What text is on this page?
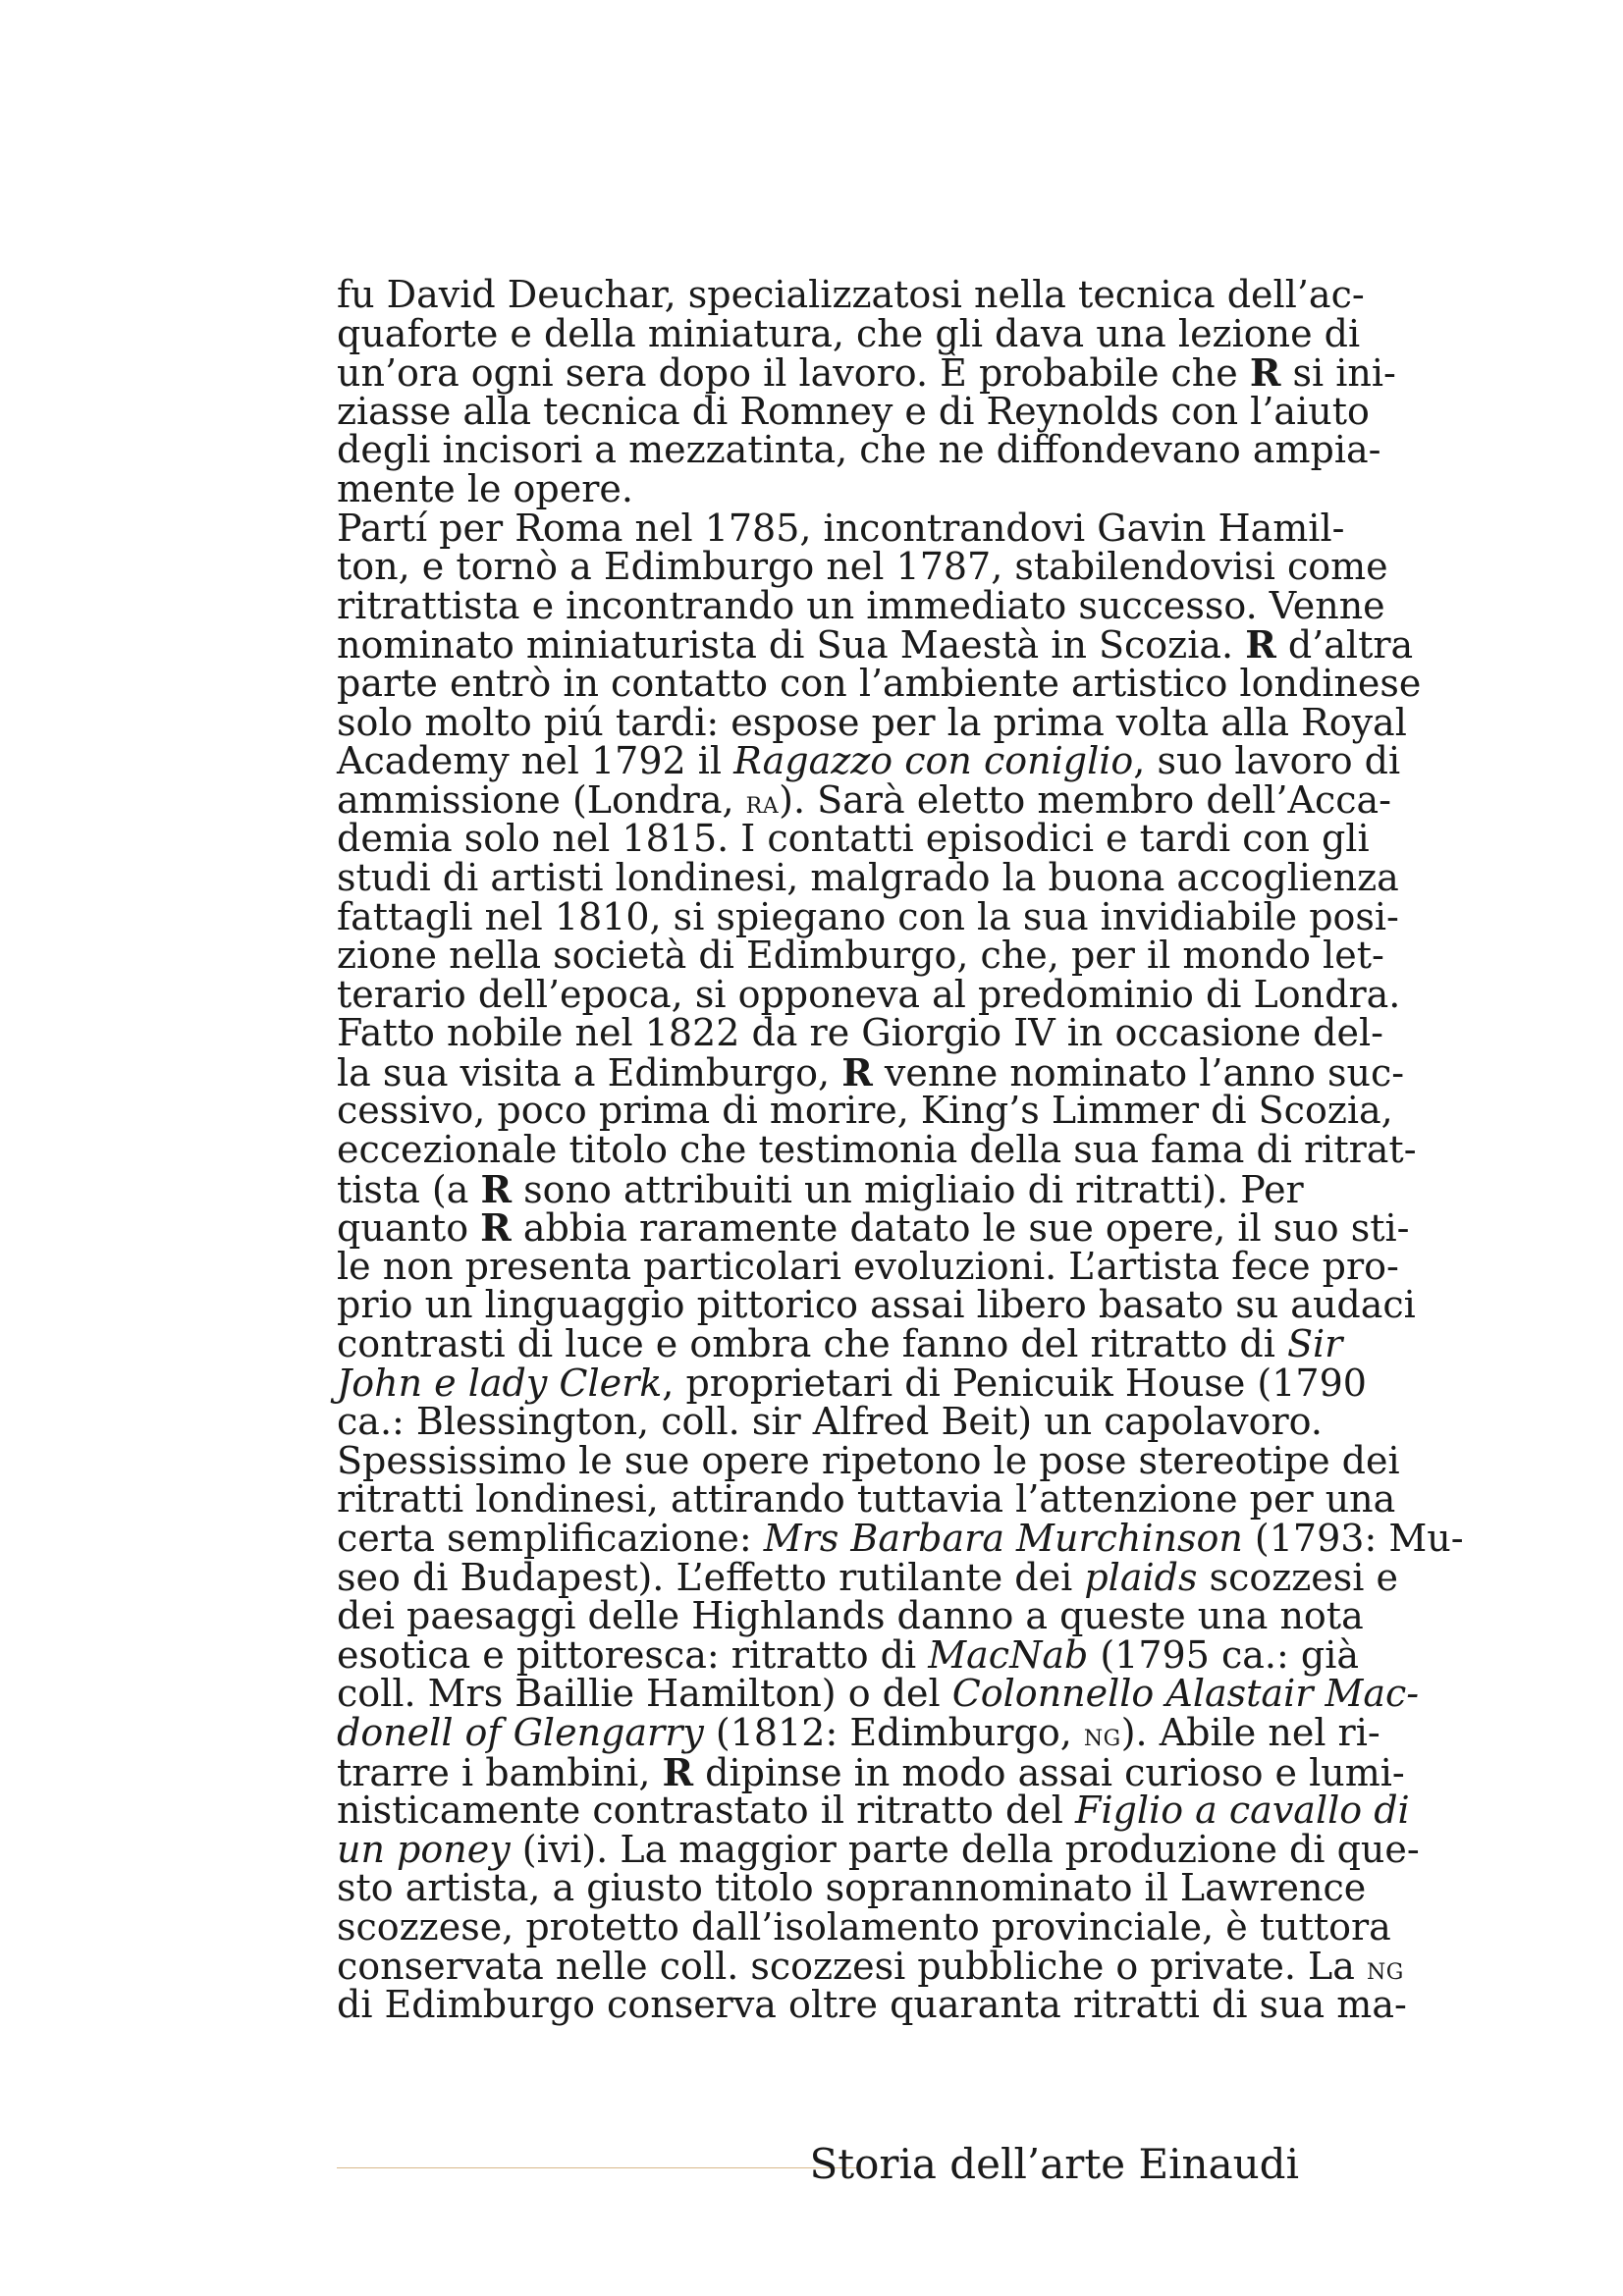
fu David Deuchar, specializzatosi nella tecnica dell’ac-
quaforte e della miniatura, che gli dava una lezione di
un’ora ogni sera dopo il lavoro. È probabile che R si ini-
ziasse alla tecnica di Romney e di Reynolds con l’aiuto
degli incisori a mezzatinta, che ne diffondevano ampia-
mente le opere.
Partí per Roma nel 1785, incontrandovi Gavin Hamil-
ton, e tornò a Edimburgo nel 1787, stabilendovisi come
ritrattista e incontrando un immediato successo. Venne
nominato miniaturista di Sua Maestà in Scozia. R d’altra
parte entrò in contatto con l’ambiente artistico londinese
solo molto piú tardi: espose per la prima volta alla Royal
Academy nel 1792 il Ragazzo con coniglio, suo lavoro di
ammissione (Londra, ra). Sarà eletto membro dell’Acca-
demia solo nel 1815. I contatti episodici e tardi con gli
studi di artisti londinesi, malgrado la buona accoglienza
fattagli nel 1810, si spiegano con la sua invidiabile posi-
zione nella società di Edimburgo, che, per il mondo let-
terario dell’epoca, si opponeva al predominio di Londra.
Fatto nobile nel 1822 da re Giorgio IV in occasione del-
la sua visita a Edimburgo, R venne nominato l’anno suc-
cessivo, poco prima di morire, King’s Limmer di Scozia,
eccezionale titolo che testimonia della sua fama di ritrat-
tista (a R sono attribuiti un migliaio di ritratti). Per
quanto R abbia raramente datato le sue opere, il suo sti-
le non presenta particolari evoluzioni. L’artista fece pro-
prio un linguaggio pittorico assai libero basato su audaci
contrasti di luce e ombra che fanno del ritratto di Sir
John e lady Clerk, proprietari di Penicuik House (1790
ca.: Blessington, coll. sir Alfred Beit) un capolavoro.
Spessissimo le sue opere ripetono le pose stereotipe dei
ritratti londinesi, attirando tuttavia l’attenzione per una
certa semplificazione: Mrs Barbara Murchinson (1793: Mu-
seo di Budapest). L’effetto rutilante dei plaids scozzesi e
dei paesaggi delle Highlands danno a queste una nota
esotica e pittoresca: ritratto di MacNab (1795 ca.: già
coll. Mrs Baillie Hamilton) o del Colonnello Alastair Mac-
donell of Glengarry (1812: Edimburgo, ng). Abile nel ri-
trarre i bambini, R dipinse in modo assai curioso e lumi-
nisticamente contrastato il ritratto del Figlio a cavallo di
un poney (ivi). La maggior parte della produzione di que-
sto artista, a giusto titolo soprannominato il Lawrence
scozzese, protetto dall’isolamento provinciale, è tuttora
conservata nelle coll. scozzesi pubbliche o private. La ng
di Edimburgo conserva oltre quaranta ritratti di sua ma-
Storia dell’arte Einaudi
